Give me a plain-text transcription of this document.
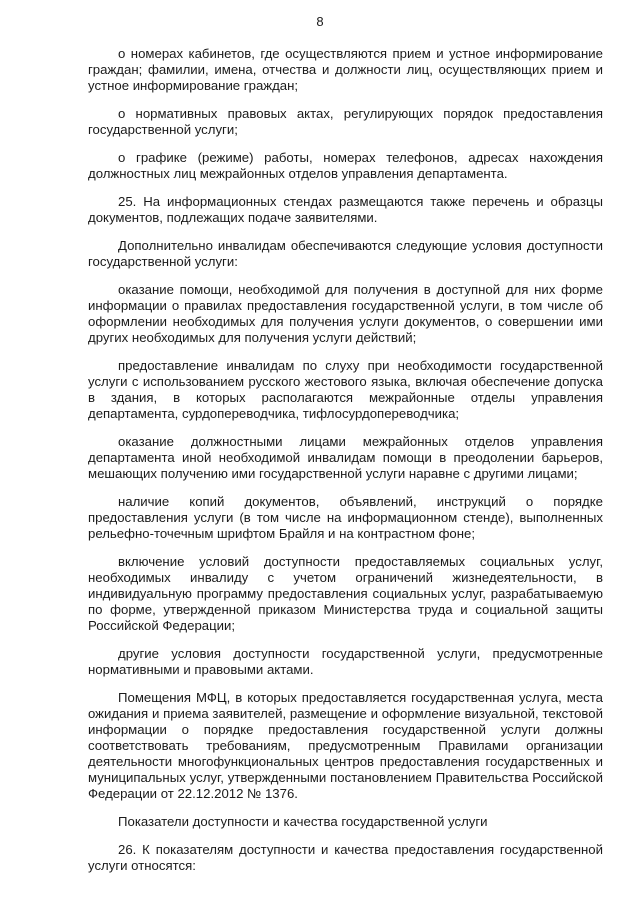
8

о номерах кабинетов, где осуществляются прием и устное информирование граждан; фамилии, имена, отчества и должности лиц, осуществляющих прием и устное информирование граждан;

о нормативных правовых актах, регулирующих порядок предоставления государственной услуги;

о графике (режиме) работы, номерах телефонов, адресах нахождения должностных лиц межрайонных отделов управления департамента.

25. На информационных стендах размещаются также перечень и образцы документов, подлежащих подаче заявителями.

Дополнительно инвалидам обеспечиваются следующие условия доступности государственной услуги:

оказание помощи, необходимой для получения в доступной для них форме информации о правилах предоставления государственной услуги, в том числе об оформлении необходимых для получения услуги документов, о совершении ими других необходимых для получения услуги действий;

предоставление инвалидам по слуху при необходимости государственной услуги с использованием русского жестового языка, включая обеспечение допуска в здания, в которых располагаются межрайонные отделы управления департамента, сурдопереводчика, тифлосурдопереводчика;

оказание должностными лицами межрайонных отделов управления департамента иной необходимой инвалидам помощи в преодолении барьеров, мешающих получению ими государственной услуги наравне с другими лицами;

наличие копий документов, объявлений, инструкций о порядке предоставления услуги (в том числе на информационном стенде), выполненных рельефно-точечным шрифтом Брайля и на контрастном фоне;

включение условий доступности предоставляемых социальных услуг, необходимых инвалиду с учетом ограничений жизнедеятельности, в индивидуальную программу предоставления социальных услуг, разрабатываемую по форме, утвержденной приказом Министерства труда и социальной защиты Российской Федерации;

другие условия доступности государственной услуги, предусмотренные нормативными и правовыми актами.

Помещения МФЦ, в которых предоставляется государственная услуга, места ожидания и приема заявителей, размещение и оформление визуальной, текстовой информации о порядке предоставления государственной услуги должны соответствовать требованиям, предусмотренным Правилами организации деятельности многофункциональных центров предоставления государственных и муниципальных услуг, утвержденными постановлением Правительства Российской Федерации от 22.12.2012 № 1376.

Показатели доступности и качества государственной услуги

26. К показателям доступности и качества предоставления государственной услуги относятся:
